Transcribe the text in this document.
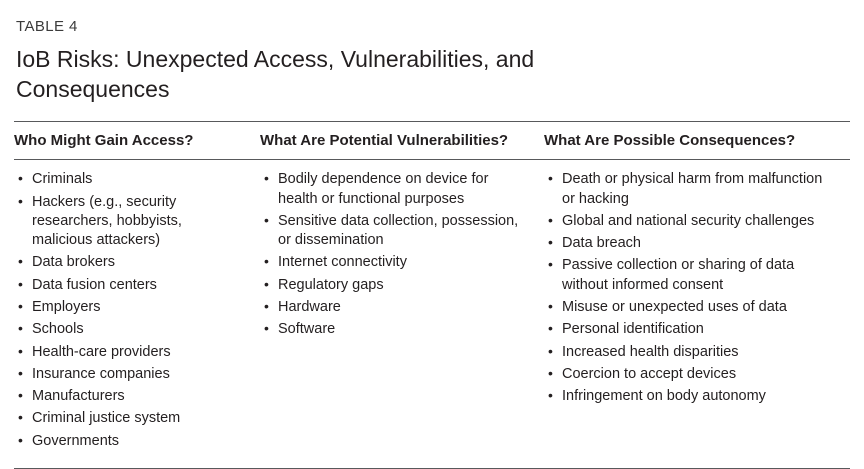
TABLE 4
IoB Risks: Unexpected Access, Vulnerabilities, and Consequences
Who Might Gain Access?	What Are Potential Vulnerabilities?	What Are Possible Consequences?
• Criminals
• Hackers (e.g., security researchers, hobbyists, malicious attackers)
• Data brokers
• Data fusion centers
• Employers
• Schools
• Health-care providers
• Insurance companies
• Manufacturers
• Criminal justice system
• Governments
• Bodily dependence on device for health or functional purposes
• Sensitive data collection, possession, or dissemination
• Internet connectivity
• Regulatory gaps
• Hardware
• Software
• Death or physical harm from malfunction or hacking
• Global and national security challenges
• Data breach
• Passive collection or sharing of data without informed consent
• Misuse or unexpected uses of data
• Personal identification
• Increased health disparities
• Coercion to accept devices
• Infringement on body autonomy
